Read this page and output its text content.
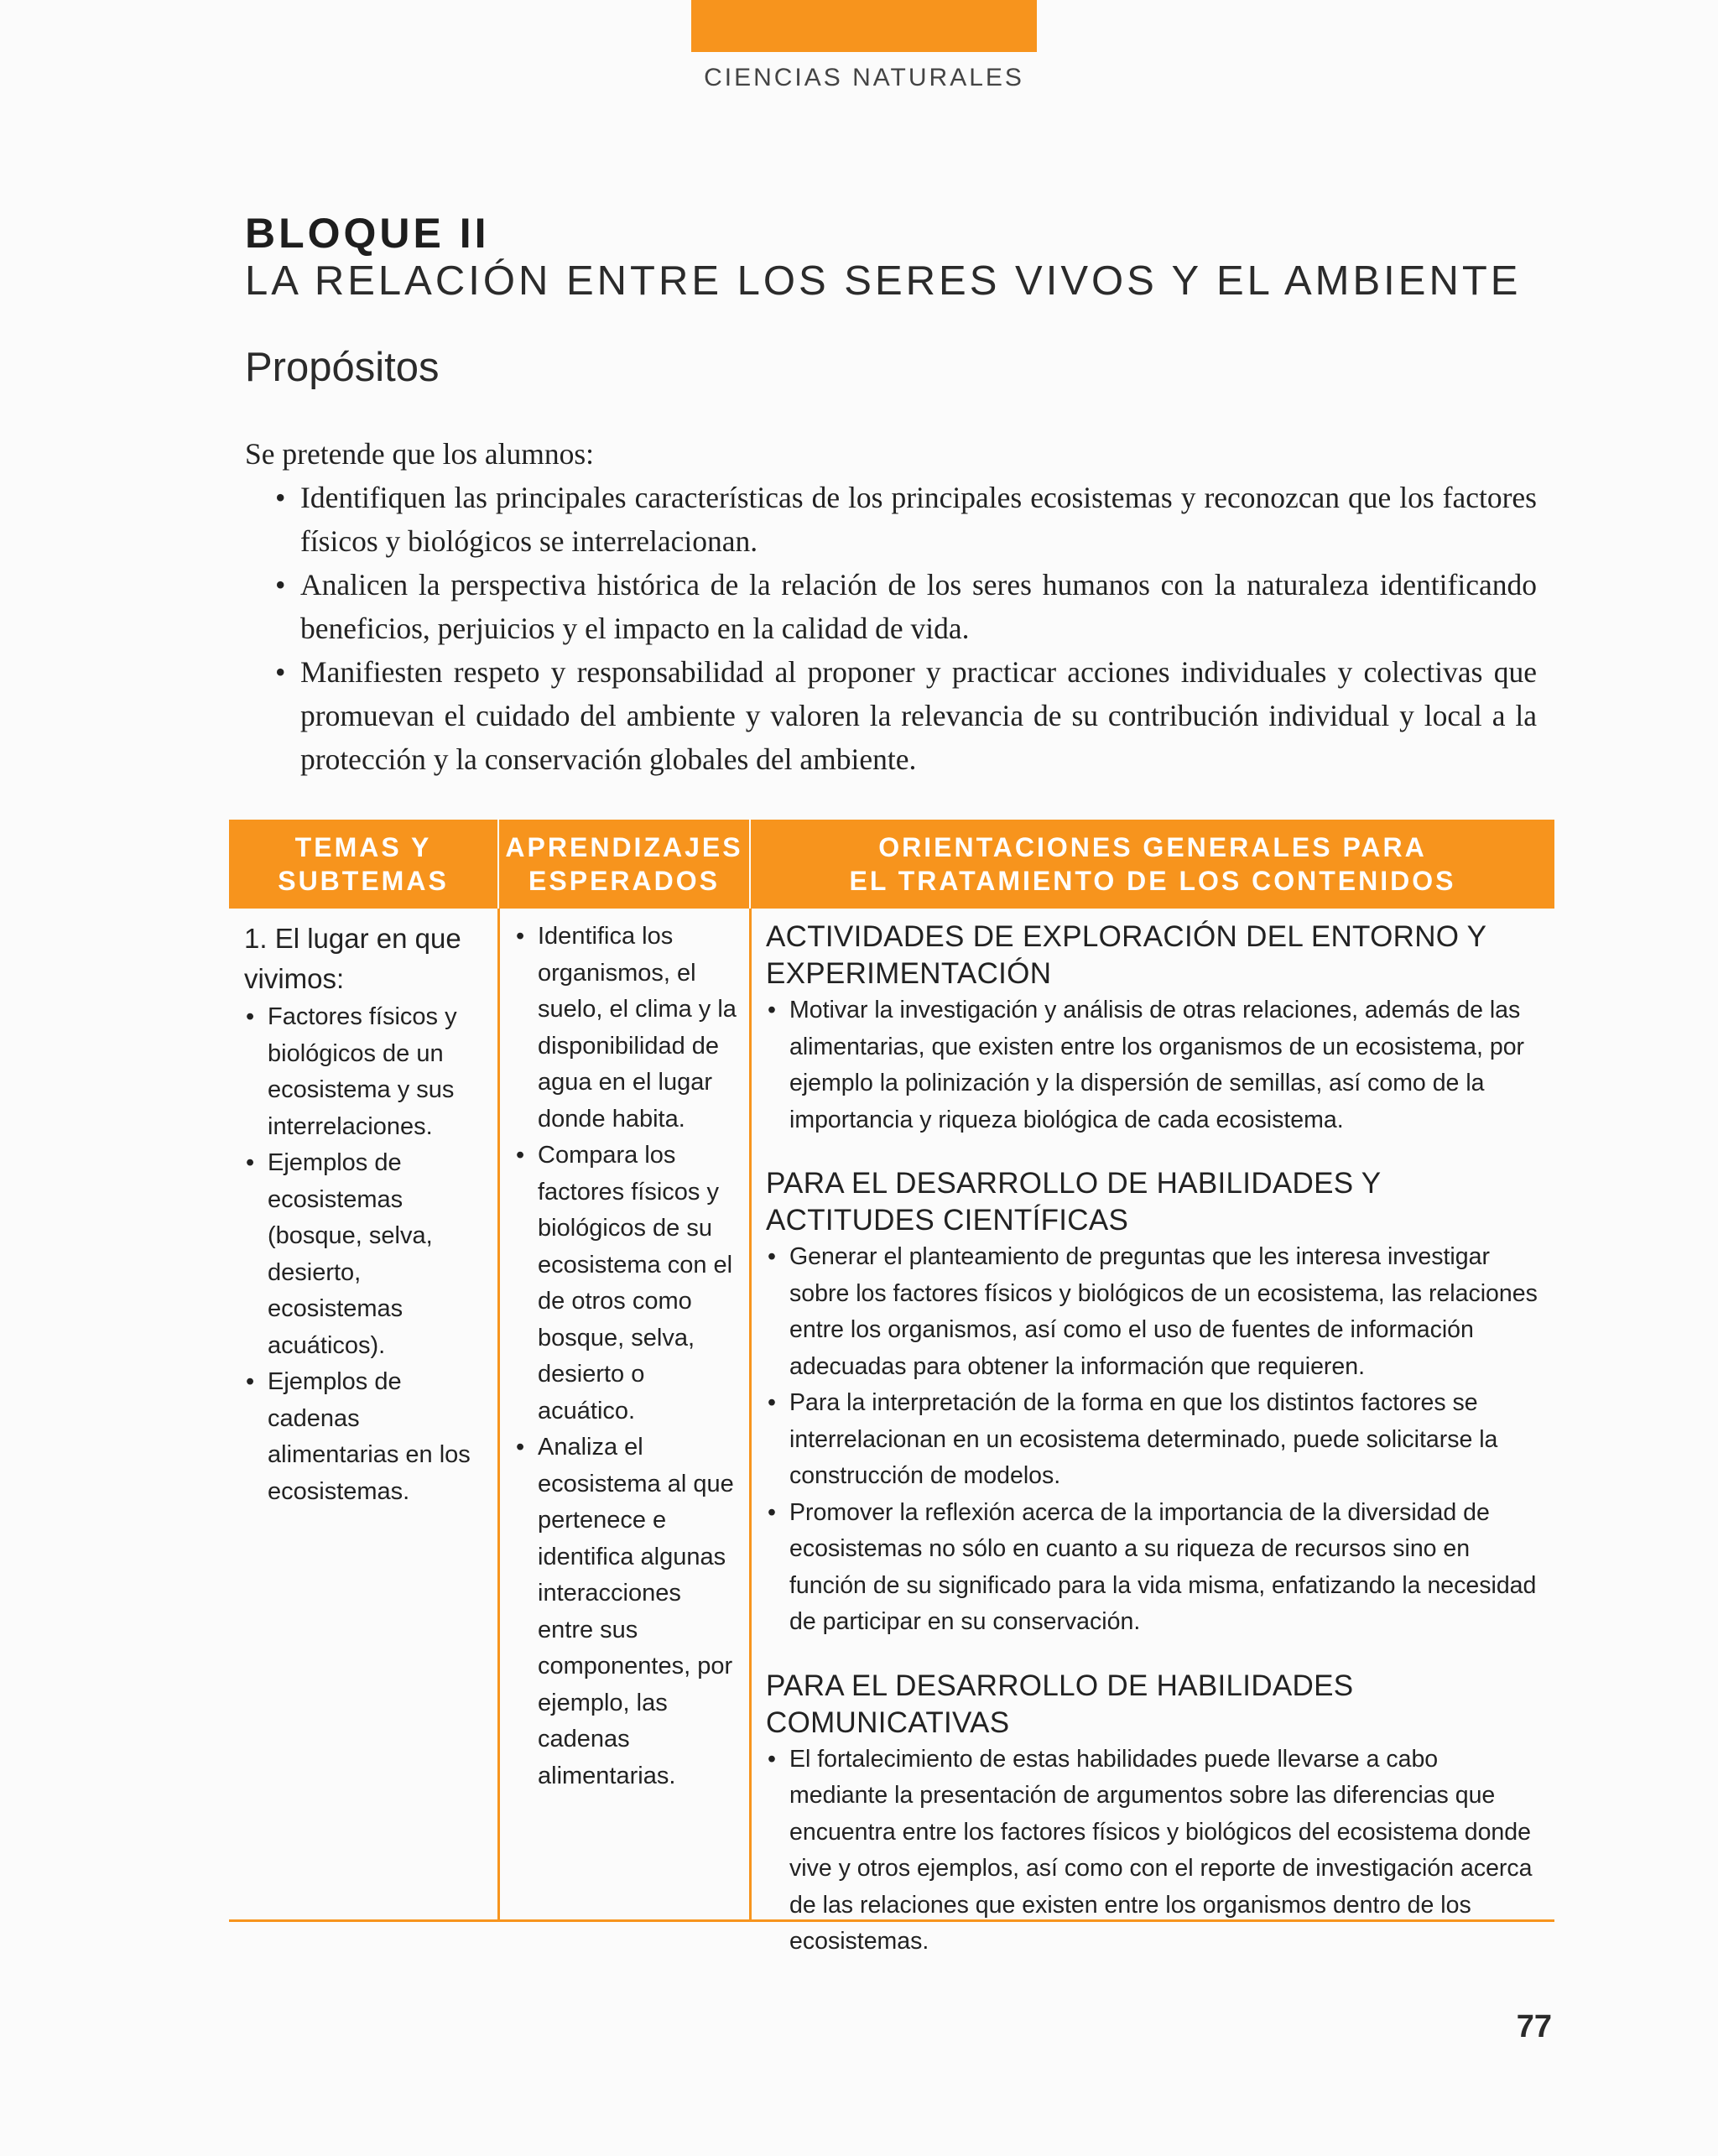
CIENCIAS NATURALES
BLOQUE II
LA RELACIÓN ENTRE LOS SERES VIVOS Y EL AMBIENTE
Propósitos
Se pretende que los alumnos:
• Identifiquen las principales características de los principales ecosistemas y reconozcan que los factores físicos y biológicos se interrelacionan.
• Analicen la perspectiva histórica de la relación de los seres humanos con la naturaleza identificando beneficios, perjuicios y el impacto en la calidad de vida.
• Manifiesten respeto y responsabilidad al proponer y practicar acciones individuales y colectivas que promuevan el cuidado del ambiente y valoren la relevancia de su contribución individual y local a la protección y la conservación globales del ambiente.
TEMAS Y
SUBTEMAS
APRENDIZAJES
ESPERADOS
ORIENTACIONES GENERALES PARA
EL TRATAMIENTO DE LOS CONTENIDOS
1. El lugar en que vivimos:
• Factores físicos y biológicos de un ecosistema y sus interrelaciones.
• Ejemplos de ecosistemas (bosque, selva, desierto, ecosistemas acuáticos).
• Ejemplos de cadenas alimentarias en los ecosistemas.
• Identifica los organismos, el suelo, el clima y la disponibilidad de agua en el lugar donde habita.
• Compara los factores físicos y biológicos de su ecosistema con el de otros como bosque, selva, desierto o acuático.
• Analiza el ecosistema al que pertenece e identifica algunas interacciones entre sus componentes, por ejemplo, las cadenas alimentarias.
ACTIVIDADES DE EXPLORACIÓN DEL ENTORNO Y EXPERIMENTACIÓN
• Motivar la investigación y análisis de otras relaciones, además de las alimentarias, que existen entre los organismos de un ecosistema, por ejemplo la polinización y la dispersión de semillas, así como de la importancia y riqueza biológica de cada ecosistema.
PARA EL DESARROLLO DE HABILIDADES Y ACTITUDES CIENTÍFICAS
• Generar el planteamiento de preguntas que les interesa investigar sobre los factores físicos y biológicos de un ecosistema, las relaciones entre los organismos, así como el uso de fuentes de información adecuadas para obtener la información que requieren.
• Para la interpretación de la forma en que los distintos factores se interrelacionan en un ecosistema determinado, puede solicitarse la construcción de modelos.
• Promover la reflexión acerca de la importancia de la diversidad de ecosistemas no sólo en cuanto a su riqueza de recursos sino en función de su significado para la vida misma, enfatizando la necesidad de participar en su conservación.
PARA EL DESARROLLO DE HABILIDADES COMUNICATIVAS
• El fortalecimiento de estas habilidades puede llevarse a cabo mediante la presentación de argumentos sobre las diferencias que encuentra entre los factores físicos y biológicos del ecosistema donde vive y otros ejemplos, así como con el reporte de investigación acerca de las relaciones que existen entre los organismos dentro de los ecosistemas.
77
